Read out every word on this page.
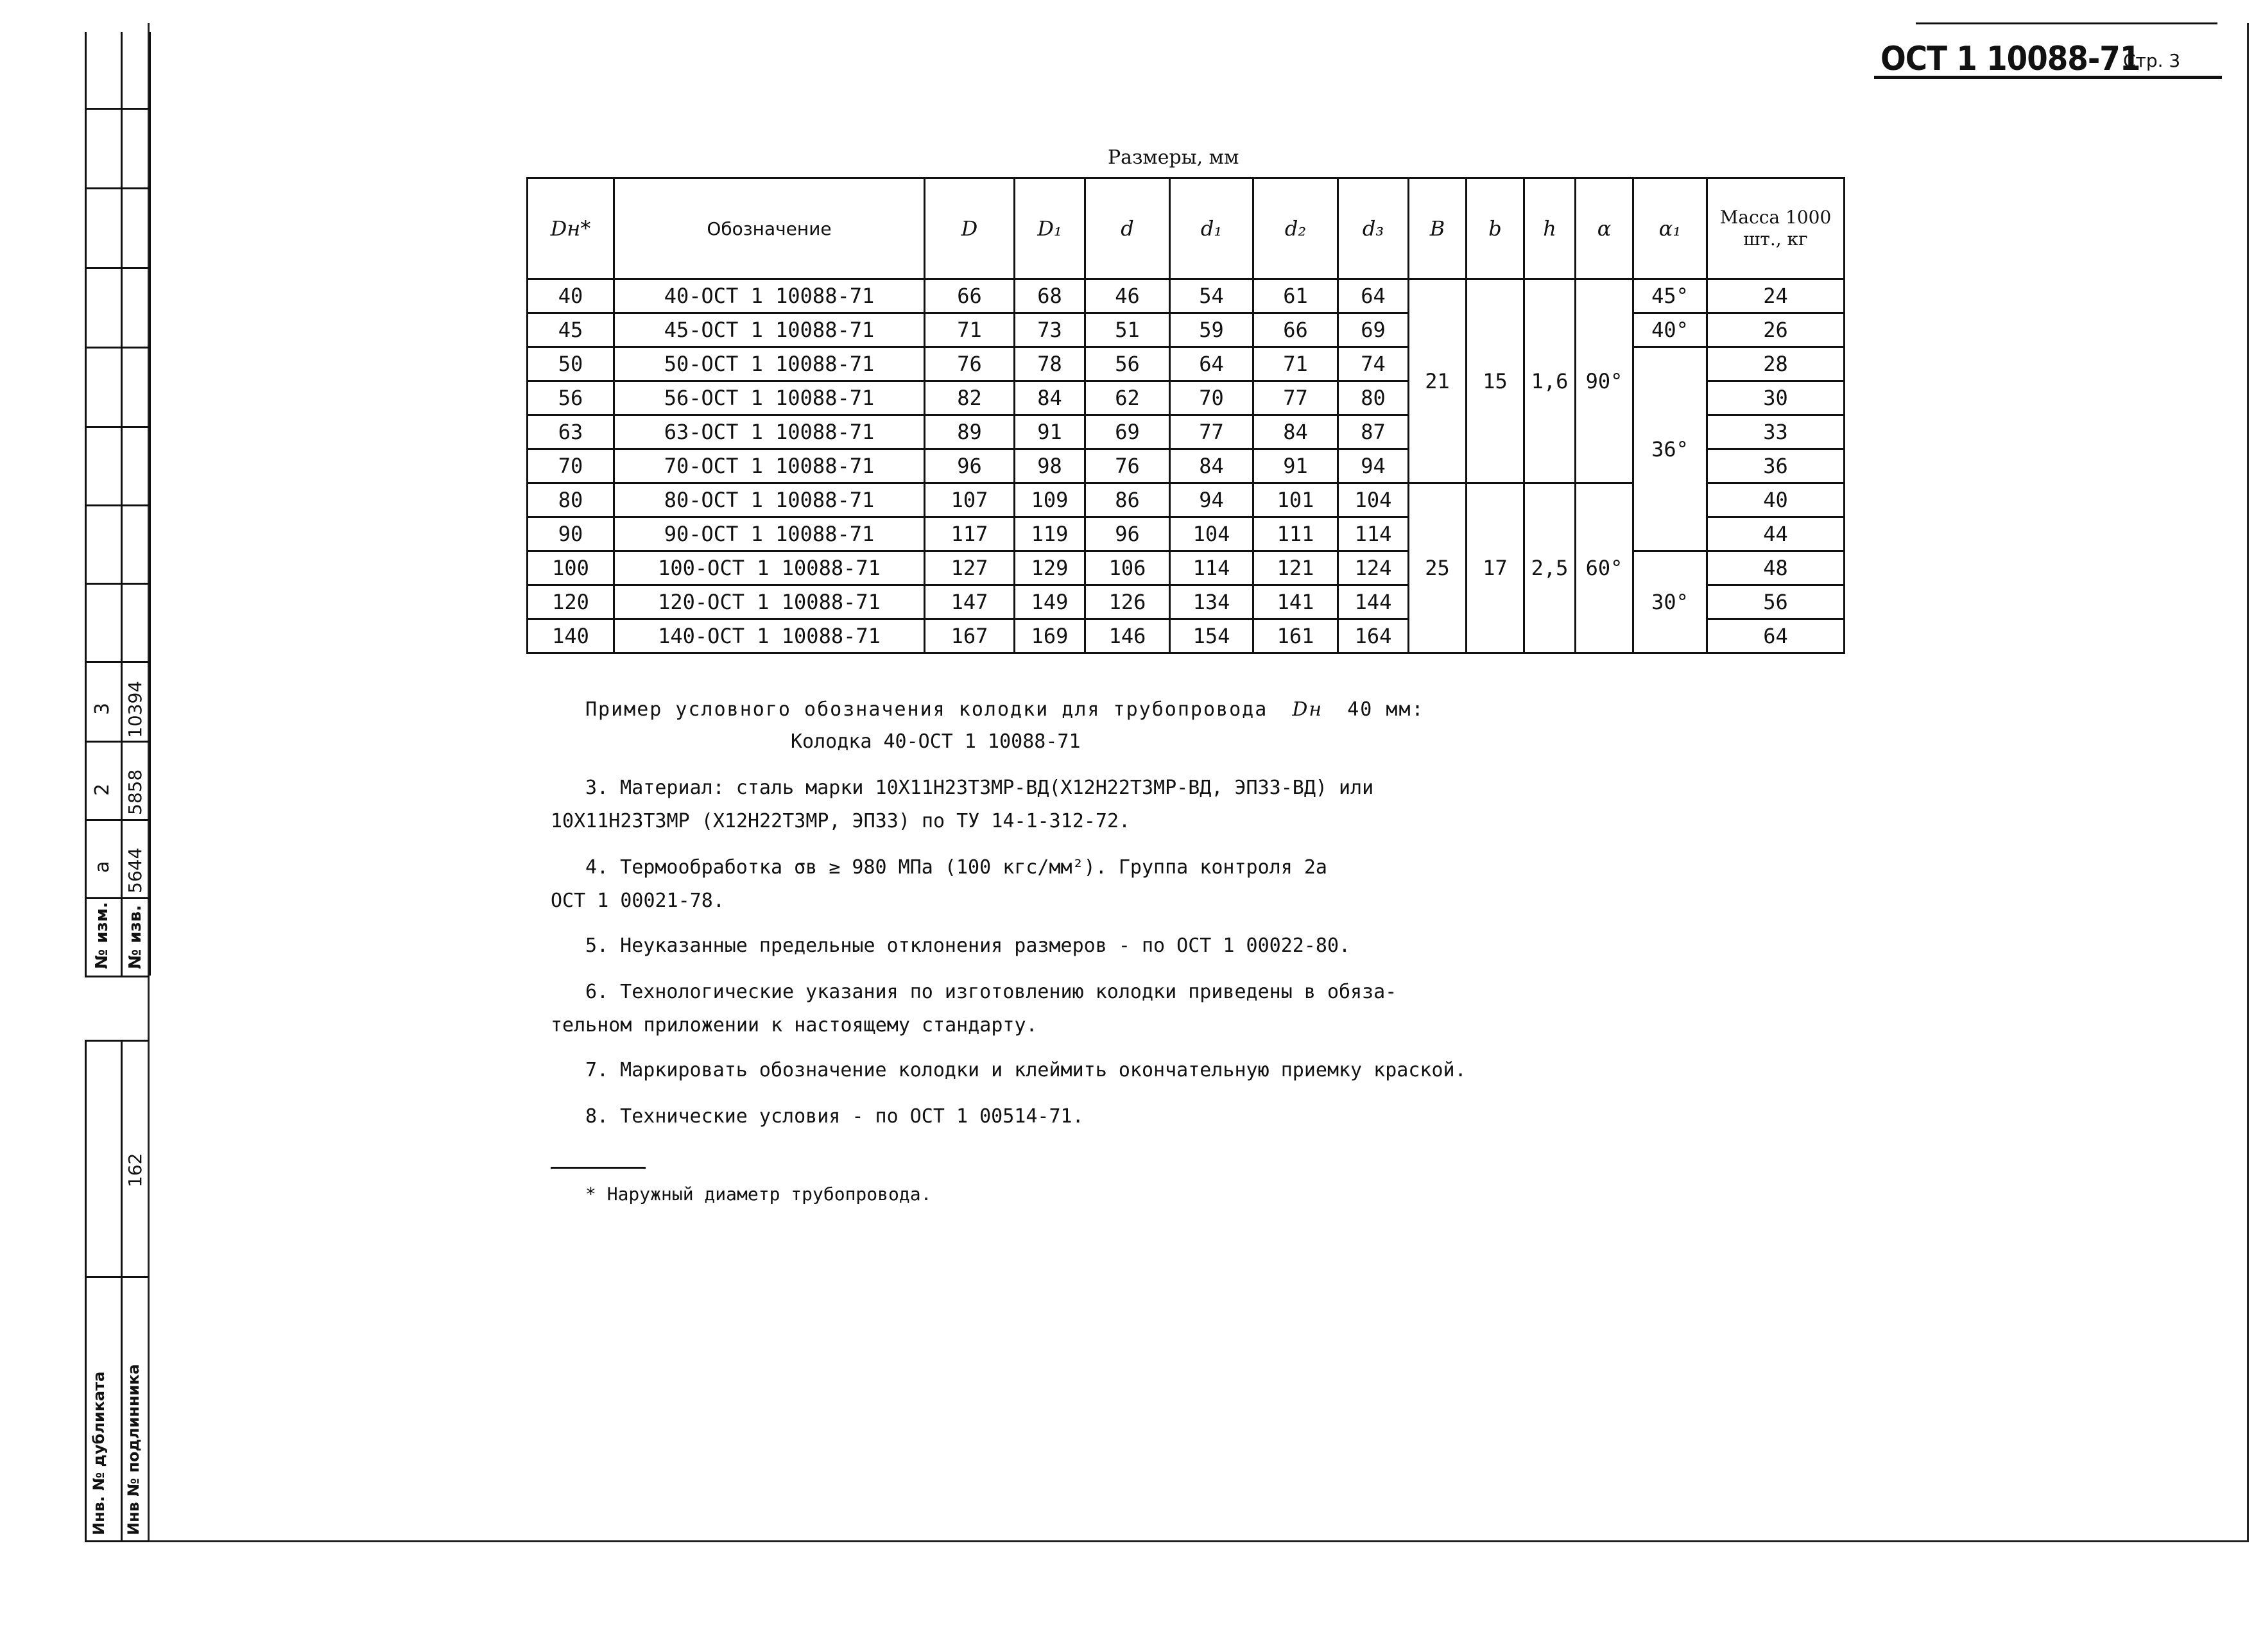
ОСТ 1 10088-71
Стр. 3
Размеры, мм
Dн*	Обозначение	D	D₁	d	d₁	d₂	d₃	B	b	h	α	α₁	Масса 1000 шт., кг
40	40-ОСТ 1 10088-71	66	68	46	54	61	64	21	15	1,6	90°	45°	24
45	45-ОСТ 1 10088-71	71	73	51	59	66	69					40°	26
50	50-ОСТ 1 10088-71	76	78	56	64	71	74					36°	28
56	56-ОСТ 1 10088-71	82	84	62	70	77	80						30
63	63-ОСТ 1 10088-71	89	91	69	77	84	87						33
70	70-ОСТ 1 10088-71	96	98	76	84	91	94						36
80	80-ОСТ 1 10088-71	107	109	86	94	101	104	25	17	2,5	60°		40
90	90-ОСТ 1 10088-71	117	119	96	104	111	114						44
100	100-ОСТ 1 10088-71	127	129	106	114	121	124					30°	48
120	120-ОСТ 1 10088-71	147	149	126	134	141	144						56
140	140-ОСТ 1 10088-71	167	169	146	154	161	164						64
Пример условного обозначения колодки для трубопровода Dн 40 мм:
Колодка 40-ОСТ 1 10088-71
3. Материал: сталь марки 10Х11Н23Т3МР-ВД(Х12Н22Т3МР-ВД, ЭП33-ВД) или
10Х11Н23Т3МР (Х12Н22Т3МР, ЭП33) по ТУ 14-1-312-72.
4. Термообработка σв ≥ 980 МПа (100 кгс/мм²). Группа контроля 2а
ОСТ 1 00021-78.
5. Неуказанные предельные отклонения размеров - по ОСТ 1 00022-80.
6. Технологические указания по изготовлению колодки приведены в обяза-
тельном приложении к настоящему стандарту.
7. Маркировать обозначение колодки и клеймить окончательную приемку краской.
8. Технические условия - по ОСТ 1 00514-71.
* Наружный диаметр трубопровода.
№ изм. № изв.
а 5644
2 5858
3 10394
162
Инв. № дубликата Инв № подлинника
